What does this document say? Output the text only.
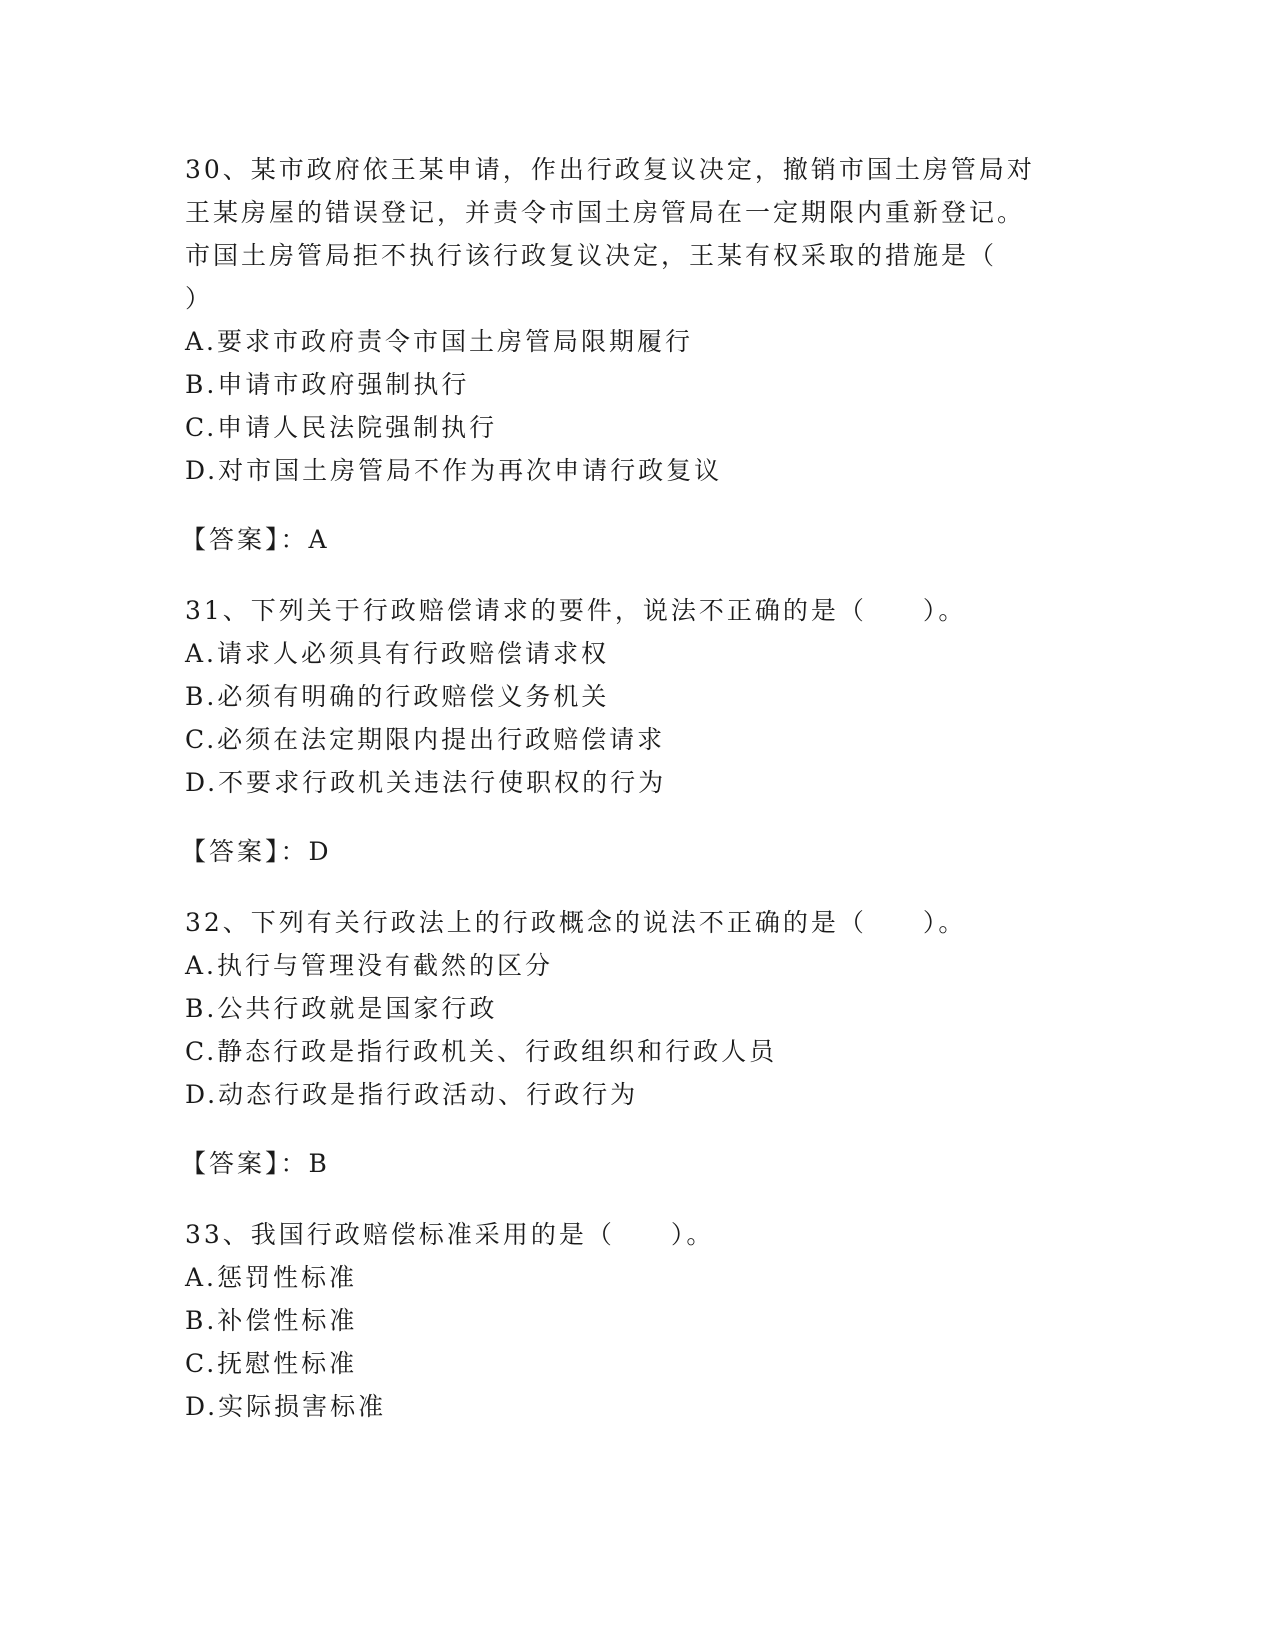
30、某市政府依王某申请，作出行政复议决定，撤销市国土房管局对
王某房屋的错误登记，并责令市国土房管局在一定期限内重新登记。
市国土房管局拒不执行该行政复议决定，王某有权采取的措施是（
）
A.要求市政府责令市国土房管局限期履行
B.申请市政府强制执行
C.申请人民法院强制执行
D.对市国土房管局不作为再次申请行政复议
【答案】：A
31、下列关于行政赔偿请求的要件，说法不正确的是（　　）。
A.请求人必须具有行政赔偿请求权
B.必须有明确的行政赔偿义务机关
C.必须在法定期限内提出行政赔偿请求
D.不要求行政机关违法行使职权的行为
【答案】：D
32、下列有关行政法上的行政概念的说法不正确的是（　　）。
A.执行与管理没有截然的区分
B.公共行政就是国家行政
C.静态行政是指行政机关、行政组织和行政人员
D.动态行政是指行政活动、行政行为
【答案】：B
33、我国行政赔偿标准采用的是（　　）。
A.惩罚性标准
B.补偿性标准
C.抚慰性标准
D.实际损害标准
